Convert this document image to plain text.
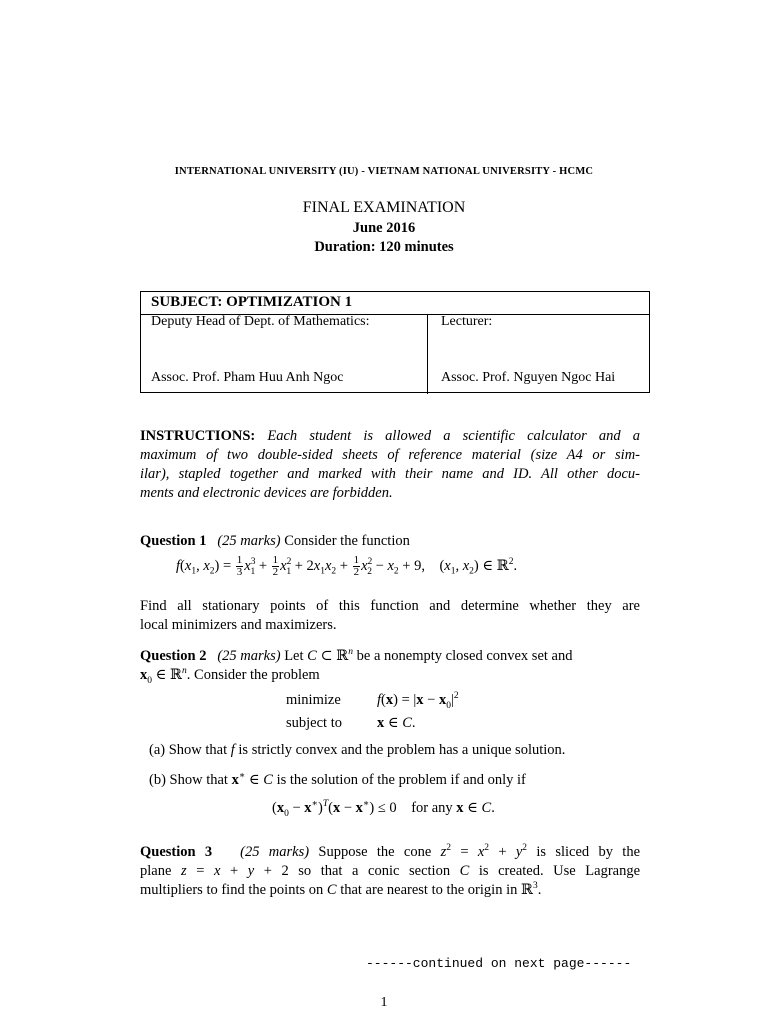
INTERNATIONAL UNIVERSITY (IU) - VIETNAM NATIONAL UNIVERSITY - HCMC
FINAL EXAMINATION
June 2016
Duration: 120 minutes
SUBJECT: OPTIMIZATION 1
Deputy Head of Dept. of Mathematics:
Assoc. Prof. Pham Huu Anh Ngoc
Lecturer:
Assoc. Prof. Nguyen Ngoc Hai
INSTRUCTIONS: Each student is allowed a scientific calculator and a
maximum of two double-sided sheets of reference material (size A4 or sim-
ilar), stapled together and marked with their name and ID. All other docu-
ments and electronic devices are forbidden.
Question 1 (25 marks) Consider the function
$f(x_1$, $x_2) = \frac{1}{3} x^3_1 + \frac{1}{2} x^2_1 + 2x_1x_2 + \frac{1}{2} x^2_2 - x_2 + 9$,    ($x_1$, $x_2$) ∈ ℝ$^2$.
Find all stationary points of this function and determine whether they are
local minimizers and maximizers.
Question 2 (25 marks) Let C ⊂ ℝ$^n$ be a nonempty closed convex set and
$x_0$ ∈ ℝ$^n$. Consider the problem
minimize $f(x) = |x - x_0|^2$
subject to x ∈ C.
(a) Show that f is strictly convex and the problem has a unique solution.
(b) Show that x∗ ∈ C is the solution of the problem if and only if
$(x_0 - x^∗)^T(x - x^∗) \le 0$    for any x ∈ C.
Question 3 (25 marks) Suppose the cone $z^2 = x^2 + y^2$ is sliced by the
plane z = x + y + 2 so that a conic section C is created. Use Lagrange
multipliers to find the points on C that are nearest to the origin in ℝ$^3$.
------continued on next page------
1
